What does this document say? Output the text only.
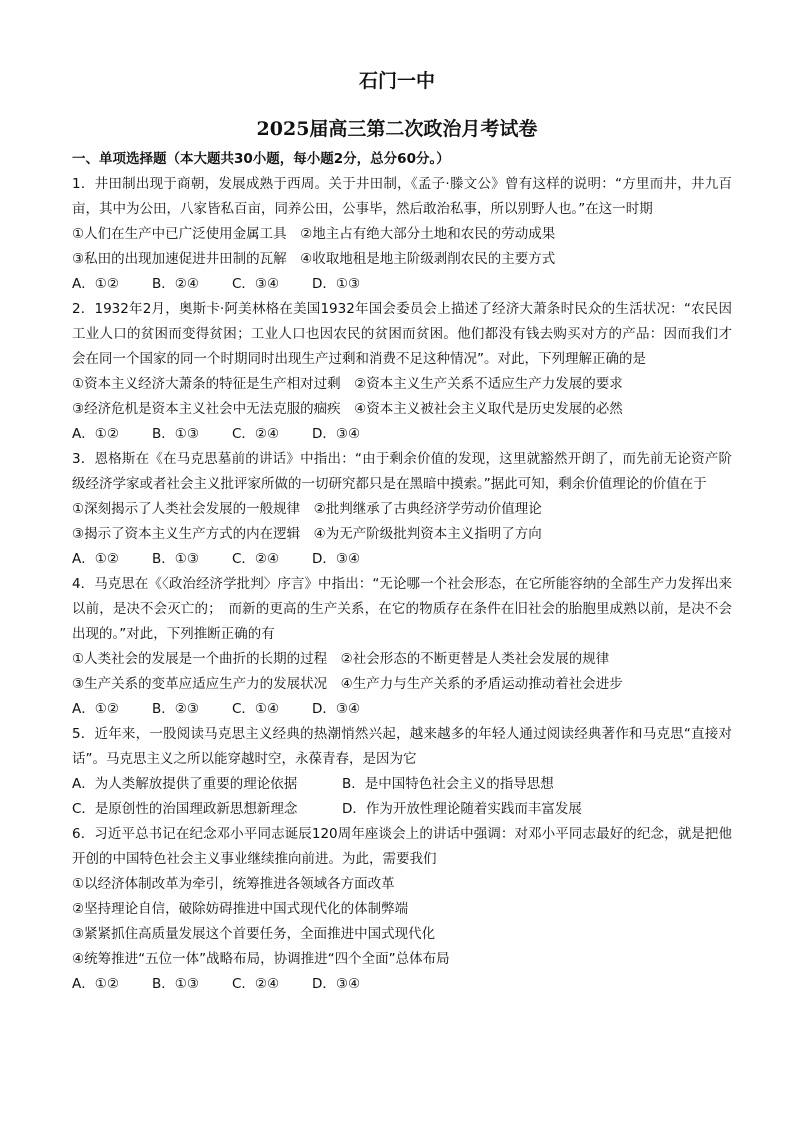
石门一中
2025届高三第二次政治月考试卷
一、单项选择题（本大题共30小题，每小题2分，总分60分。）
1．井田制出现于商朝，发展成熟于西周。关于井田制，《孟子·滕文公》曾有这样的说明：“方里而井，井九百亩，其中为公田，八家皆私百亩，同养公田，公事毕，然后敢治私事，所以别野人也。”在这一时期
①人们在生产中已广泛使用金属工具　②地主占有绝大部分土地和农民的劳动成果
③私田的出现加速促进井田制的瓦解　④收取地租是地主阶级剥削农民的主要方式
A．①②	B．②④	C．③④	D．①③
2．1932年2月，奥斯卡·阿美林格在美国1932年国会委员会上描述了经济大萧条时民众的生活状况：“农民因工业人口的贫困而变得贫困；工业人口也因农民的贫困而贫困。他们都没有钱去购买对方的产品：因而我们才会在同一个国家的同一个时期同时出现生产过剩和消费不足这种情况”。对此，下列理解正确的是
①资本主义经济大萧条的特征是生产相对过剩　②资本主义生产关系不适应生产力发展的要求
③经济危机是资本主义社会中无法克服的痼疾　④资本主义被社会主义取代是历史发展的必然
A．①②	B．①③	C．②④	D．③④
3．恩格斯在《在马克思墓前的讲话》中指出：“由于剩余价值的发现，这里就豁然开朗了，而先前无论资产阶级经济学家或者社会主义批评家所做的一切研究都只是在黑暗中摸索。”据此可知，剩余价值理论的价值在于
①深刻揭示了人类社会发展的一般规律　②批判继承了古典经济学劳动价值理论
③揭示了资本主义生产方式的内在逻辑　④为无产阶级批判资本主义指明了方向
A．①②	B．①③	C．②④	D．③④
4．马克思在《〈政治经济学批判〉序言》中指出：“无论哪一个社会形态，在它所能容纳的全部生产力发挥出来以前，是决不会灭亡的；　而新的更高的生产关系，在它的物质存在条件在旧社会的胎胞里成熟以前，是决不会出现的。”对此，下列推断正确的有
①人类社会的发展是一个曲折的长期的过程　②社会形态的不断更替是人类社会发展的规律
③生产关系的变革应适应生产力的发展状况　④生产力与生产关系的矛盾运动推动着社会进步
A．①②	B．②③	C．①④	D．③④
5．近年来，一股阅读马克思主义经典的热潮悄然兴起，越来越多的年轻人通过阅读经典著作和马克思“直接对话”。马克思主义之所以能穿越时空，永葆青春，是因为它
A．为人类解放提供了重要的理论依据	B．是中国特色社会主义的指导思想
C．是原创性的治国理政新思想新理念	D．作为开放性理论随着实践而丰富发展
6．习近平总书记在纪念邓小平同志诞辰120周年座谈会上的讲话中强调：对邓小平同志最好的纪念，就是把他开创的中国特色社会主义事业继续推向前进。为此，需要我们
①以经济体制改革为牵引，统筹推进各领域各方面改革
②坚持理论自信，破除妨碍推进中国式现代化的体制弊端
③紧紧抓住高质量发展这个首要任务，全面推进中国式现代化
④统筹推进“五位一体”战略布局，协调推进“四个全面”总体布局
A．①②	B．①③	C．②④	D．③④
